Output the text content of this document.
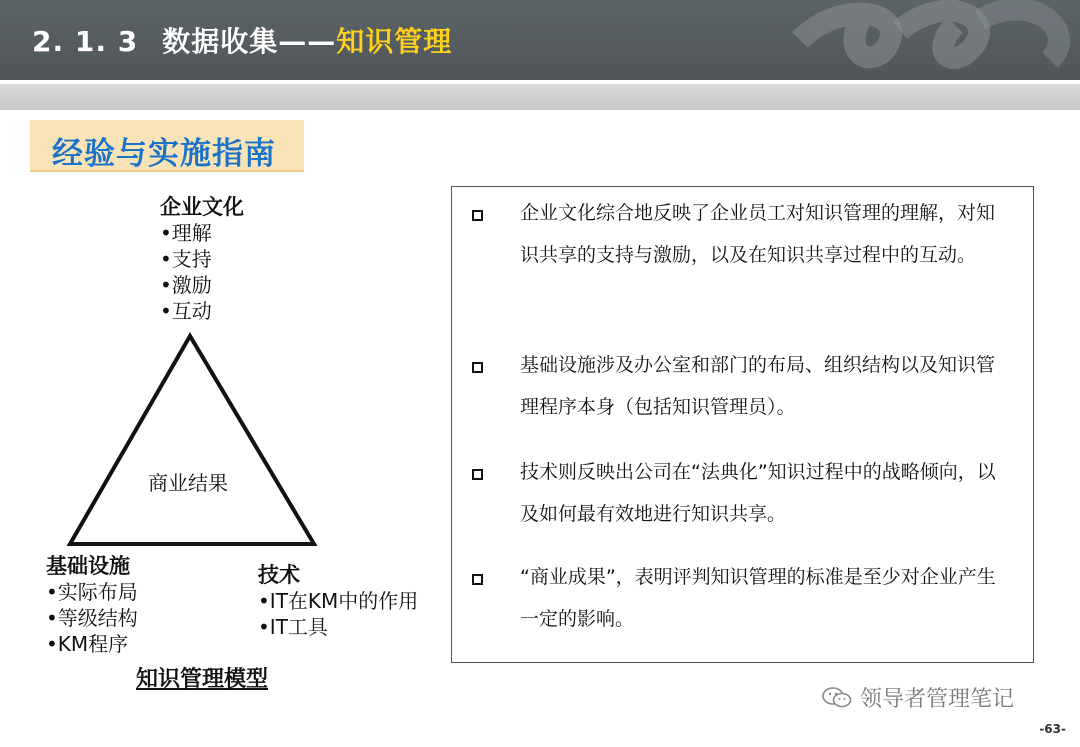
2. 1. 3 数据收集——知识管理
经验与实施指南
企业文化
•理解
•支持
•激励
•互动
商业结果
基础设施
•实际布局
•等级结构
•KM程序
技术
•IT在KM中的作用
•IT工具
知识管理模型
企业文化综合地反映了企业员工对知识管理的理解，对知识共享的支持与激励，以及在知识共享过程中的互动。
基础设施涉及办公室和部门的布局、组织结构以及知识管理程序本身（包括知识管理员）。
技术则反映出公司在“法典化”知识过程中的战略倾向，以及如何最有效地进行知识共享。
“商业成果”，表明评判知识管理的标准是至少对企业产生一定的影响。
领导者管理笔记
-63-
